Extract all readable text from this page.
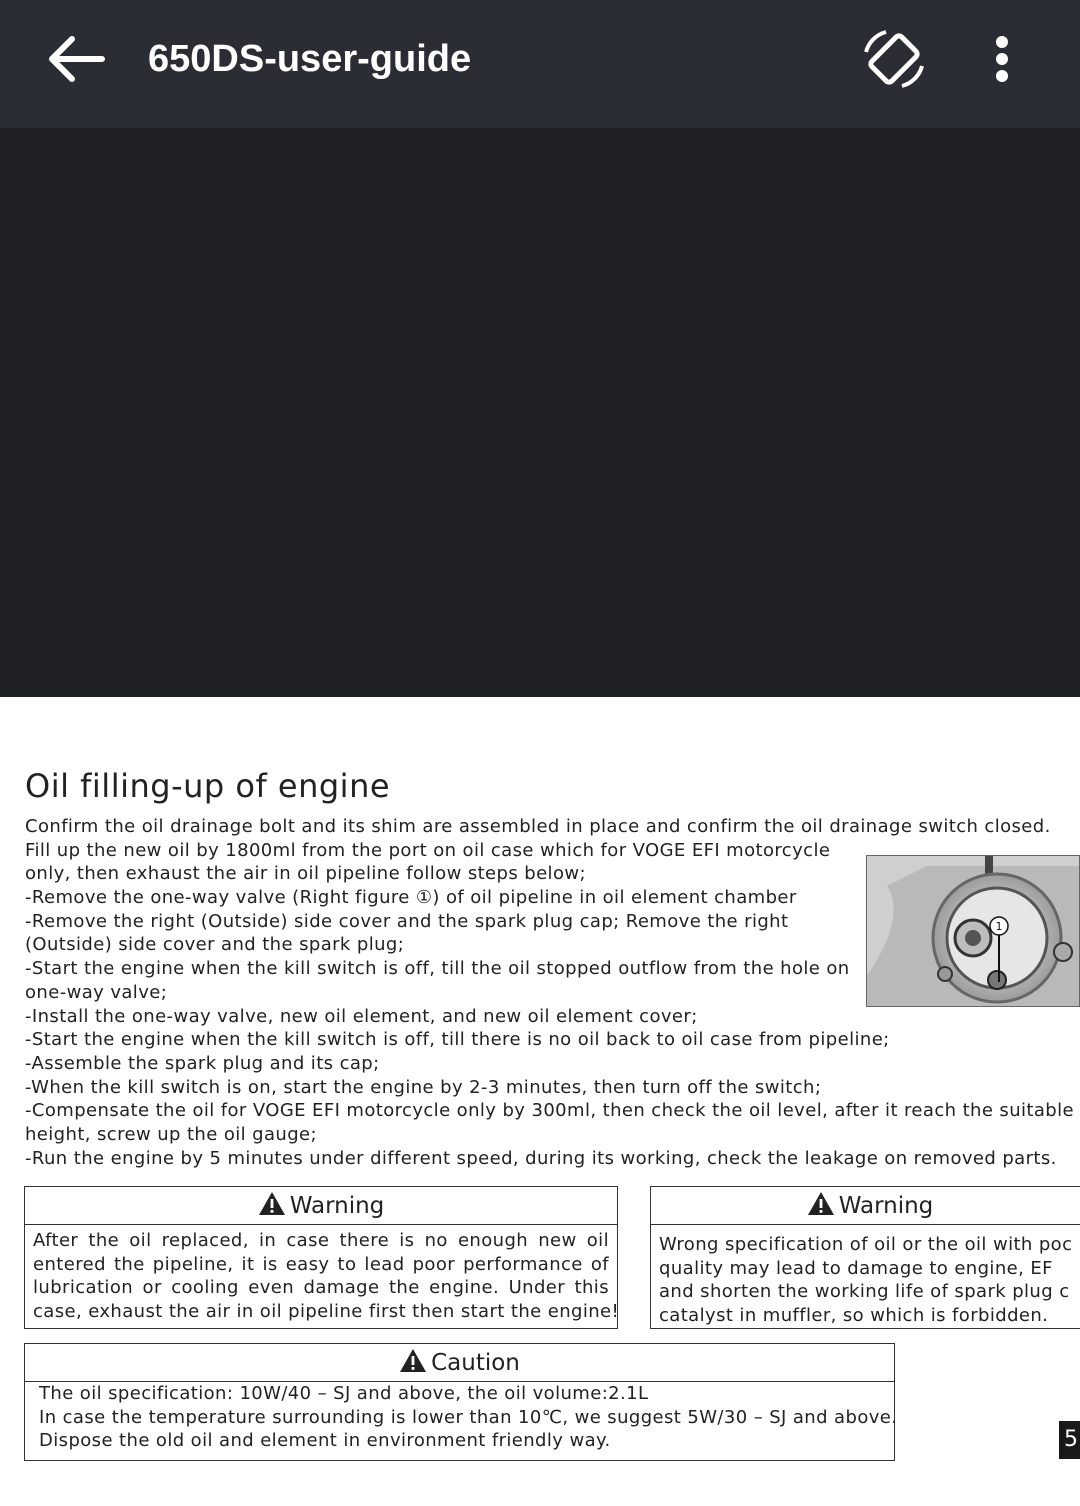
650DS-user-guide
Oil filling-up of engine
Confirm the oil drainage bolt and its shim are assembled in place and confirm the oil drainage switch closed.
Fill up the new oil by 1800ml from the port on oil case which for VOGE EFI motorcycle
only, then exhaust the air in oil pipeline follow steps below;
-Remove the one-way valve (Right figure ①) of oil pipeline in oil element chamber
-Remove the right (Outside) side cover and the spark plug cap; Remove the right
(Outside) side cover and the spark plug;
-Start the engine when the kill switch is off, till the oil stopped outflow from the hole on
one-way valve;
-Install the one-way valve, new oil element, and new oil element cover;
-Start the engine when the kill switch is off, till there is no oil back to oil case from pipeline;
-Assemble the spark plug and its cap;
-When the kill switch is on, start the engine by 2-3 minutes, then turn off the switch;
-Compensate the oil for VOGE EFI motorcycle only by 300ml, then check the oil level, after it reach the suitable
height, screw up the oil gauge;
-Run the engine by 5 minutes under different speed, during its working, check the leakage on removed parts.
1
Warning
After the oil replaced, in case there is no enough new oil
entered the pipeline, it is easy to lead poor performance of
lubrication or cooling even damage the engine. Under this
case, exhaust the air in oil pipeline first then start the engine!
Warning
Wrong specification of oil or the oil with poc
quality may lead to damage to engine, EF
and shorten the working life of spark plug c
catalyst in muffler, so which is forbidden.
Caution
The oil specification: 10W/40 – SJ and above, the oil volume:2.1L
In case the temperature surrounding is lower than 10℃, we suggest 5W/30 – SJ and above.
Dispose the old oil and element in environment friendly way.	5
